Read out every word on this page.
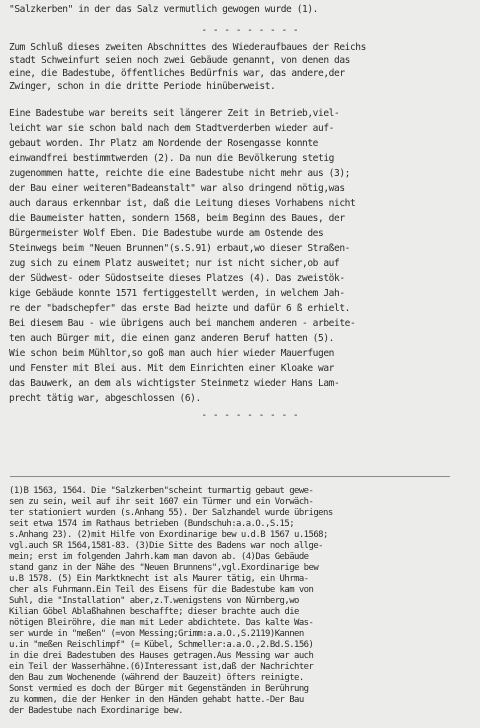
"Salzkerben" in der das Salz vermutlich gewogen wurde (1).
- - - - - - - - -
Zum Schluß dieses zweiten Abschnittes des Wiederaufbaues der Reichs
stadt Schweinfurt seien noch zwei Gebäude genannt, von denen das
eine, die Badestube, öffentliches Bedürfnis war, das andere,der
Zwinger, schon in die dritte Periode hinüberweist.
Eine Badestube war bereits seit längerer Zeit in Betrieb,viel-
leicht war sie schon bald nach dem Stadtverderben wieder auf-
gebaut worden. Ihr Platz am Nordende der Rosengasse konnte
einwandfrei bestimmtwerden (2). Da nun die Bevölkerung stetig
zugenommen hatte, reichte die eine Badestube nicht mehr aus (3);
der Bau einer weiteren"Badeanstalt" war also dringend nötig,was
auch daraus erkennbar ist, daß die Leitung dieses Vorhabens nicht
die Baumeister hatten, sondern 1568, beim Beginn des Baues, der
Bürgermeister Wolf Eben. Die Badestube wurde am Ostende des
Steinwegs beim "Neuen Brunnen"(s.S.91) erbaut,wo dieser Straßen-
zug sich zu einem Platz ausweitet; nur ist nicht sicher,ob auf
der Südwest- oder Südostseite dieses Platzes (4). Das zweistök-
kige Gebäude konnte 1571 fertiggestellt werden, in welchem Jah-
re der "badschepfer" das erste Bad heizte und dafür 6 ß erhielt.
Bei diesem Bau - wie übrigens auch bei manchem anderen - arbeite-
ten auch Bürger mit, die einen ganz anderen Beruf hatten (5).
Wie schon beim Mühltor,so goß man auch hier wieder Mauerfugen
und Fenster mit Blei aus. Mit dem Einrichten einer Kloake war
das Bauwerk, an dem als wichtigster Steinmetz wieder Hans Lam-
precht tätig war, abgeschlossen (6).
- - - - - - - - -
(1)B 1563, 1564. Die "Salzkerben"scheint turmartig gebaut gewe-
sen zu sein, weil auf ihr seit 1607 ein Türmer und ein Vorwäch-
ter stationiert wurden (s.Anhang 55). Der Salzhandel wurde übrigens
seit etwa 1574 im Rathaus betrieben (Bundschuh:a.a.O.,S.15;
s.Anhang 23). (2)mit Hilfe von Exordinarige bew u.d.B 1567 u.1568;
vgl.auch SR 1564,1581-83. (3)Die Sitte des Badens war noch allge-
mein; erst im folgenden Jahrh.kam man davon ab. (4)Das Gebäude
stand ganz in der Nähe des "Neuen Brunnens",vgl.Exordinarige bew
u.B 1578. (5) Ein Marktknecht ist als Maurer tätig, ein Uhrma-
cher als Fuhrmann.Ein Teil des Eisens für die Badestube kam von
Suhl, die "Installation" aber,z.T.wenigstens von Nürnberg,wo
Kilian Göbel Ablaßhahnen beschaffte; dieser brachte auch die
nötigen Bleiröhre, die man mit Leder abdichtete. Das kalte Was-
ser wurde in "meßen" (=von Messing;Grimm:a.a.O.,S.2119)Kannen
u.in "meßen Reischlimpf" (= Kübel, Schmeller:a.a.O.,2.Bd.S.156)
in die drei Badestuben des Hauses getragen.Aus Messing war auch
ein Teil der Wasserhähne.(6)Interessant ist,daß der Nachrichter
den Bau zum Wochenende (während der Bauzeit) öfters reinigte.
Sonst vermied es doch der Bürger mit Gegenständen in Berührung
zu kommen, die der Henker in den Händen gehabt hatte.-Der Bau
der Badestube nach Exordinarige bew.
